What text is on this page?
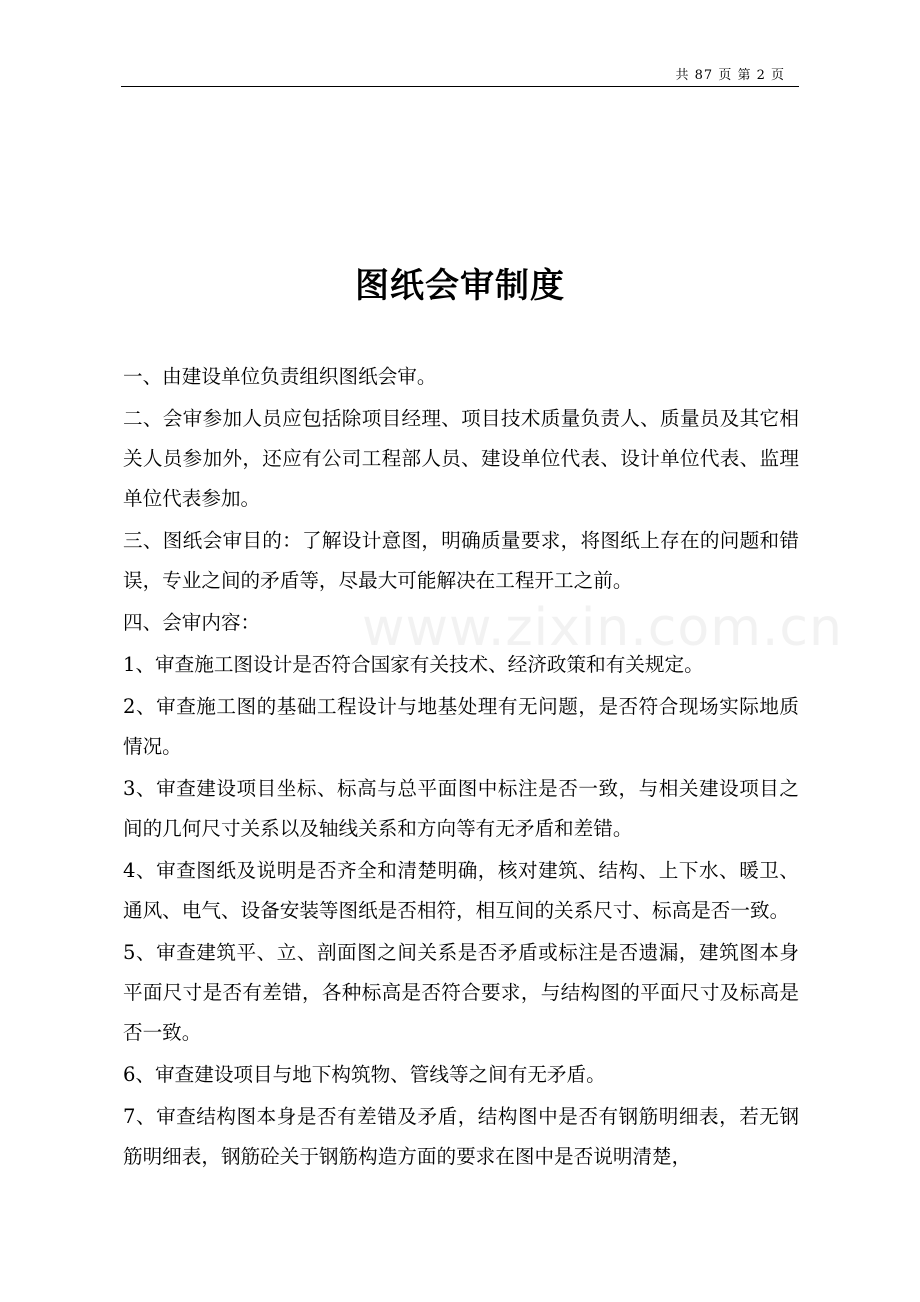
共 87 页 第 2 页
www.zixin.com.cn
图纸会审制度

一、由建设单位负责组织图纸会审。

二、会审参加人员应包括除项目经理、项目技术质量负责人、质量员及其它相关人员参加外，还应有公司工程部人员、建设单位代表、设计单位代表、监理单位代表参加。

三、图纸会审目的：了解设计意图，明确质量要求，将图纸上存在的问题和错误，专业之间的矛盾等，尽最大可能解决在工程开工之前。

四、会审内容：

1、审查施工图设计是否符合国家有关技术、经济政策和有关规定。

2、审查施工图的基础工程设计与地基处理有无问题，是否符合现场实际地质情况。

3、审查建设项目坐标、标高与总平面图中标注是否一致，与相关建设项目之间的几何尺寸关系以及轴线关系和方向等有无矛盾和差错。

4、审查图纸及说明是否齐全和清楚明确，核对建筑、结构、上下水、暖卫、通风、电气、设备安装等图纸是否相符，相互间的关系尺寸、标高是否一致。

5、审查建筑平、立、剖面图之间关系是否矛盾或标注是否遗漏，建筑图本身平面尺寸是否有差错，各种标高是否符合要求，与结构图的平面尺寸及标高是否一致。

6、审查建设项目与地下构筑物、管线等之间有无矛盾。

7、审查结构图本身是否有差错及矛盾，结构图中是否有钢筋明细表，若无钢筋明细表，钢筋砼关于钢筋构造方面的要求在图中是否说明清楚，
